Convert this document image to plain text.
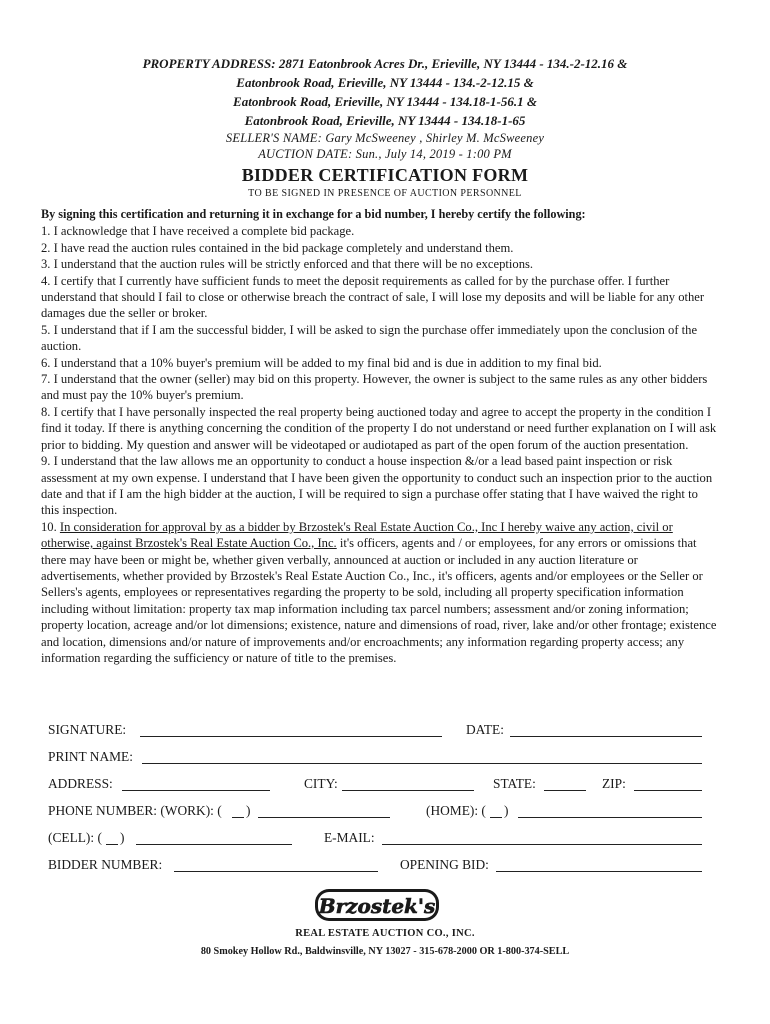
PROPERTY ADDRESS: 2871 Eatonbrook Acres Dr., Erieville, NY 13444 - 134.-2-12.16 &
Eatonbrook Road, Erieville, NY 13444 - 134.-2-12.15 &
Eatonbrook Road, Erieville, NY 13444 - 134.18-1-56.1 &
Eatonbrook Road, Erieville, NY 13444 - 134.18-1-65
SELLER'S NAME: Gary McSweeney , Shirley M. McSweeney
AUCTION DATE: Sun., July 14, 2019 - 1:00 PM
BIDDER CERTIFICATION FORM
TO BE SIGNED IN PRESENCE OF AUCTION PERSONNEL
By signing this certification and returning it in exchange for a bid number, I hereby certify the following:

1. I acknowledge that I have received a complete bid package.

2. I have read the auction rules contained in the bid package completely and understand them.

3. I understand that the auction rules will be strictly enforced and that there will be no exceptions.

4. I certify that I currently have sufficient funds to meet the deposit requirements as called for by the purchase offer. I further understand that should I fail to close or otherwise breach the contract of sale, I will lose my deposits and will be liable for any other damages due the seller or broker.

5. I understand that if I am the successful bidder, I will be asked to sign the purchase offer immediately upon the conclusion of the auction.

6. I understand that a 10% buyer's premium will be added to my final bid and is due in addition to my final bid.

7. I understand that the owner (seller) may bid on this property. However, the owner is subject to the same rules as any other bidders and must pay the 10% buyer's premium.

8. I certify that I have personally inspected the real property being auctioned today and agree to accept the property in the condition I find it today. If there is anything concerning the condition of the property I do not understand or need further explanation on I will ask prior to bidding. My question and answer will be videotaped or audiotaped as part of the open forum of the auction presentation.

9. I understand that the law allows me an opportunity to conduct a house inspection &/or a lead based paint inspection or risk assessment at my own expense. I understand that I have been given the opportunity to conduct such an inspection prior to the auction date and that if I am the high bidder at the auction, I will be required to sign a purchase offer stating that I have waived the right to this inspection.

10. In consideration for approval by as a bidder by Brzostek's Real Estate Auction Co., Inc I hereby waive any action, civil or otherwise, against Brzostek's Real Estate Auction Co., Inc. it's officers, agents and / or employees, for any errors or omissions that there may have been or might be, whether given verbally, announced at auction or included in any auction literature or advertisements, whether provided by Brzostek's Real Estate Auction Co., Inc., it's officers, agents and/or employees or the Seller or Sellers's agents, employees or representatives regarding the property to be sold, including all property specification information including without limitation: property tax map information including tax parcel numbers; assessment and/or zoning information; property location, acreage and/or lot dimensions; existence, nature and dimensions of road, river, lake and/or other frontage; existence and location, dimensions and/or nature of improvements and/or encroachments; any information regarding property access; any information regarding the sufficiency or nature of title to the premises.

SIGNATURE:	DATE:
PRINT NAME:
ADDRESS:	CITY:	STATE:	ZIP:
PHONE NUMBER: (WORK): ( )	(HOME): ( )
(CELL): ( )	E-MAIL:
BIDDER NUMBER:	OPENING BID:
Brzostek's
REAL ESTATE AUCTION CO., INC.
80 Smokey Hollow Rd., Baldwinsville, NY 13027 - 315-678-2000 OR 1-800-374-SELL
